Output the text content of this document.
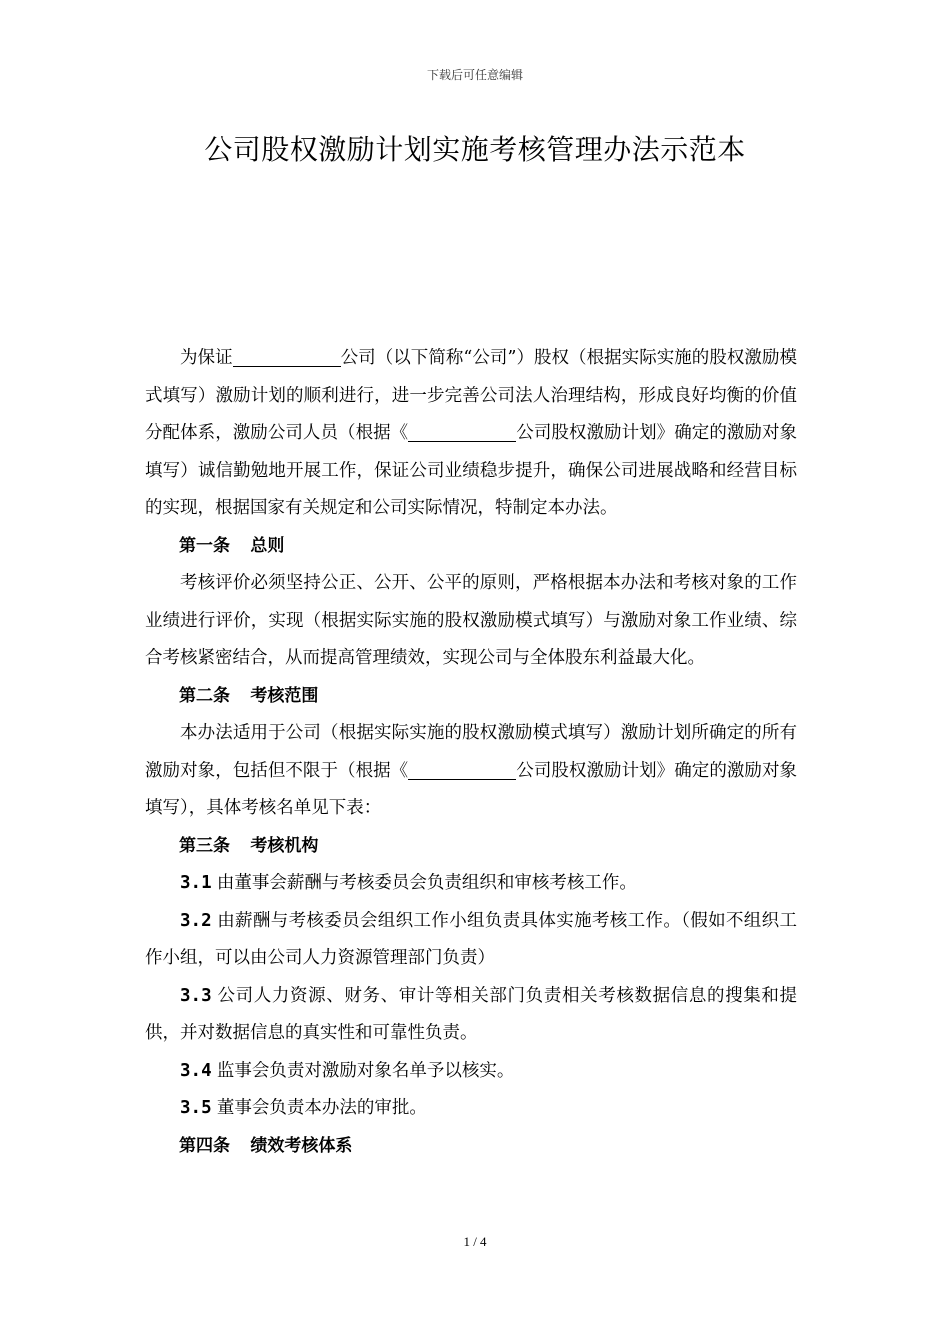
下载后可任意编辑
公司股权激励计划实施考核管理办法示范本

为保证	公司（以下简称“公司”）股权（根据实际实施的股权激励模式填写）激励计划的顺利进行，进一步完善公司法人治理结构，形成良好均衡的价值分配体系，激励公司人员（根据《	公司股权激励计划》确定的激励对象填写）诚信勤勉地开展工作，保证公司业绩稳步提升，确保公司进展战略和经营目标的实现，根据国家有关规定和公司实际情况，特制定本办法。

第一条 总则

考核评价必须坚持公正、公开、公平的原则，严格根据本办法和考核对象的工作业绩进行评价，实现（根据实际实施的股权激励模式填写）与激励对象工作业绩、综合考核紧密结合，从而提高管理绩效，实现公司与全体股东利益最大化。

第二条 考核范围

本办法适用于公司（根据实际实施的股权激励模式填写）激励计划所确定的所有激励对象，包括但不限于（根据《	公司股权激励计划》确定的激励对象填写），具体考核名单见下表：

第三条 考核机构

3.1 由董事会薪酬与考核委员会负责组织和审核考核工作。

3.2 由薪酬与考核委员会组织工作小组负责具体实施考核工作。（假如不组织工作小组，可以由公司人力资源管理部门负责）

3.3 公司人力资源、财务、审计等相关部门负责相关考核数据信息的搜集和提供，并对数据信息的真实性和可靠性负责。

3.4 监事会负责对激励对象名单予以核实。

3.5 董事会负责本办法的审批。

第四条 绩效考核体系

1 / 4
